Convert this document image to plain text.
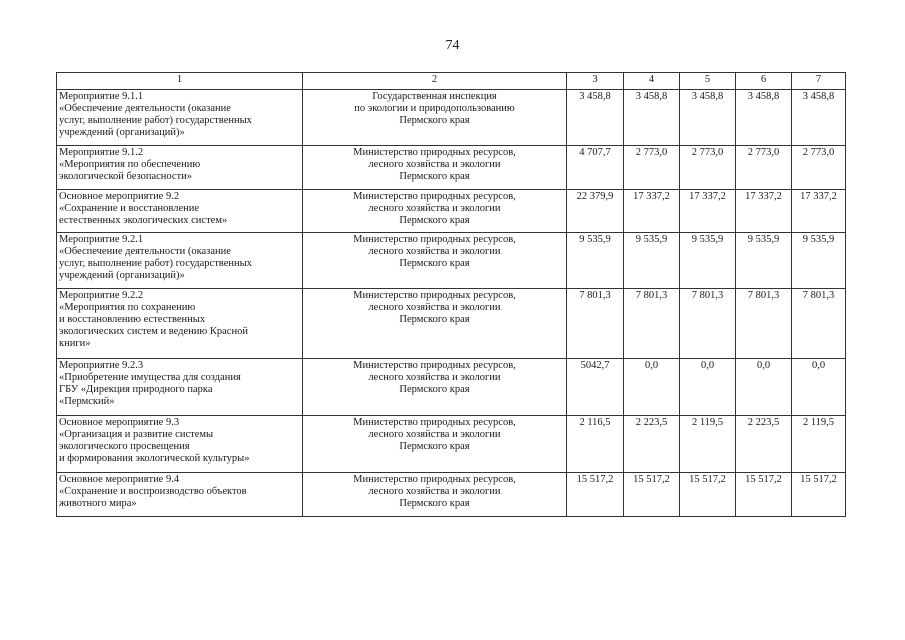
74
1	2	3	4	5	6	7
Мероприятие 9.1.1
«Обеспечение деятельности (оказание
услуг, выполнение работ) государственных
учреждений (организаций)»	Государственная инспекция
по экологии и природопользованию
Пермского края	3 458,8	3 458,8	3 458,8	3 458,8	3 458,8
Мероприятие 9.1.2
«Мероприятия по обеспечению
экологической безопасности»	Министерство природных ресурсов,
лесного хозяйства и экологии
Пермского края	4 707,7	2 773,0	2 773,0	2 773,0	2 773,0
Основное мероприятие 9.2
«Сохранение и восстановление
естественных экологических систем»	Министерство природных ресурсов,
лесного хозяйства и экологии
Пермского края	22 379,9	17 337,2	17 337,2	17 337,2	17 337,2
Мероприятие 9.2.1
«Обеспечение деятельности (оказание
услуг, выполнение работ) государственных
учреждений (организаций)»	Министерство природных ресурсов,
лесного хозяйства и экологии
Пермского края	9 535,9	9 535,9	9 535,9	9 535,9	9 535,9
Мероприятие 9.2.2
«Мероприятия по сохранению
и восстановлению естественных
экологических систем и ведению Красной
книги»	Министерство природных ресурсов,
лесного хозяйства и экологии
Пермского края	7 801,3	7 801,3	7 801,3	7 801,3	7 801,3
Мероприятие 9.2.3
«Приобретение имущества для создания
ГБУ «Дирекция природного парка
«Пермский»	Министерство природных ресурсов,
лесного хозяйства и экологии
Пермского края	5042,7	0,0	0,0	0,0	0,0
Основное мероприятие 9.3
«Организация и развитие системы
экологического просвещения
и формирования экологической культуры»	Министерство природных ресурсов,
лесного хозяйства и экологии
Пермского края	2 116,5	2 223,5	2 119,5	2 223,5	2 119,5
Основное мероприятие 9.4
«Сохранение и воспроизводство объектов
животного мира»	Министерство природных ресурсов,
лесного хозяйства и экологии
Пермского края	15 517,2	15 517,2	15 517,2	15 517,2	15 517,2
